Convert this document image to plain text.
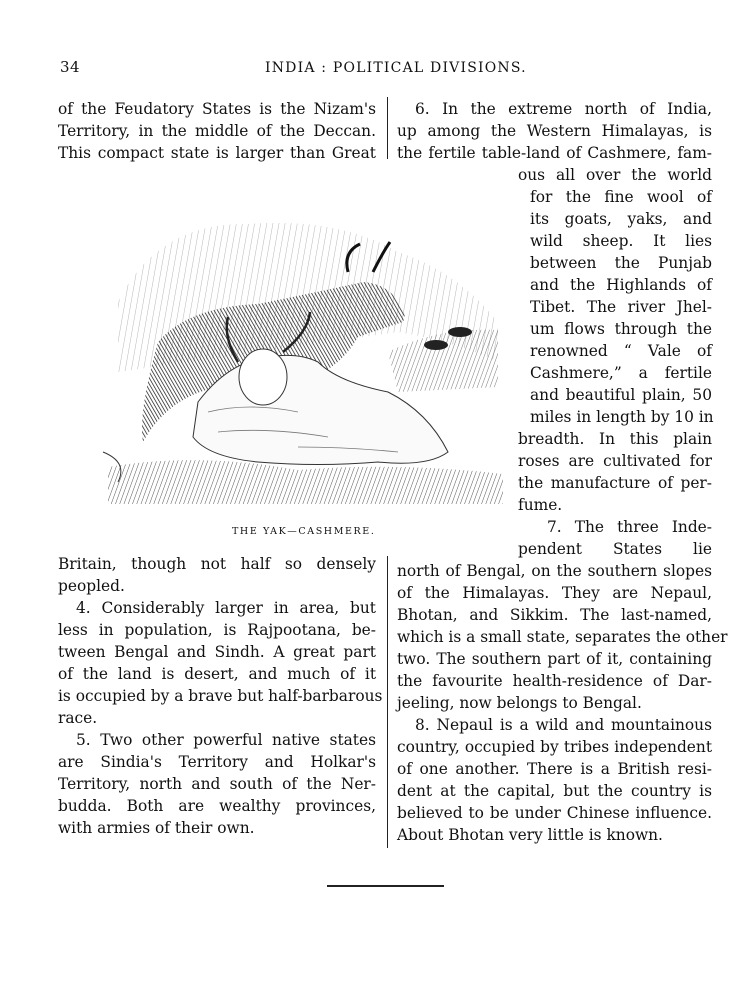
34	INDIA : POLITICAL DIVISIONS.
of the Feudatory States is the Nizam's
Territory, in the middle of the Deccan.
This compact state is larger than Great
THE YAK—CASHMERE.
Britain, though not half so densely
peopled.
4. Considerably larger in area, but
less in population, is Rajpootana, be-
tween Bengal and Sindh. A great part
of the land is desert, and much of it
is occupied by a brave but half-barbarous
race.
5. Two other powerful native states
are Sindia's Territory and Holkar's
Territory, north and south of the Ner-
budda. Both are wealthy provinces,
with armies of their own.
6. In the extreme north of India,
up among the Western Himalayas, is
the fertile table-land of Cashmere, fam-
ous all over the world
for the fine wool of
its goats, yaks, and
wild sheep. It lies
between the Punjab
and the Highlands of
Tibet. The river Jhel-
um flows through the
renowned “ Vale of
Cashmere,” a fertile
and beautiful plain, 50
miles in length by 10 in
breadth. In this plain
roses are cultivated for
the manufacture of per-
fume.
7. The three Inde-
pendent States lie
north of Bengal, on the southern slopes
of the Himalayas. They are Nepaul,
Bhotan, and Sikkim. The last-named,
which is a small state, separates the other
two. The southern part of it, containing
the favourite health-residence of Dar-
jeeling, now belongs to Bengal.
8. Nepaul is a wild and mountainous
country, occupied by tribes independent
of one another. There is a British resi-
dent at the capital, but the country is
believed to be under Chinese influence.
About Bhotan very little is known.
